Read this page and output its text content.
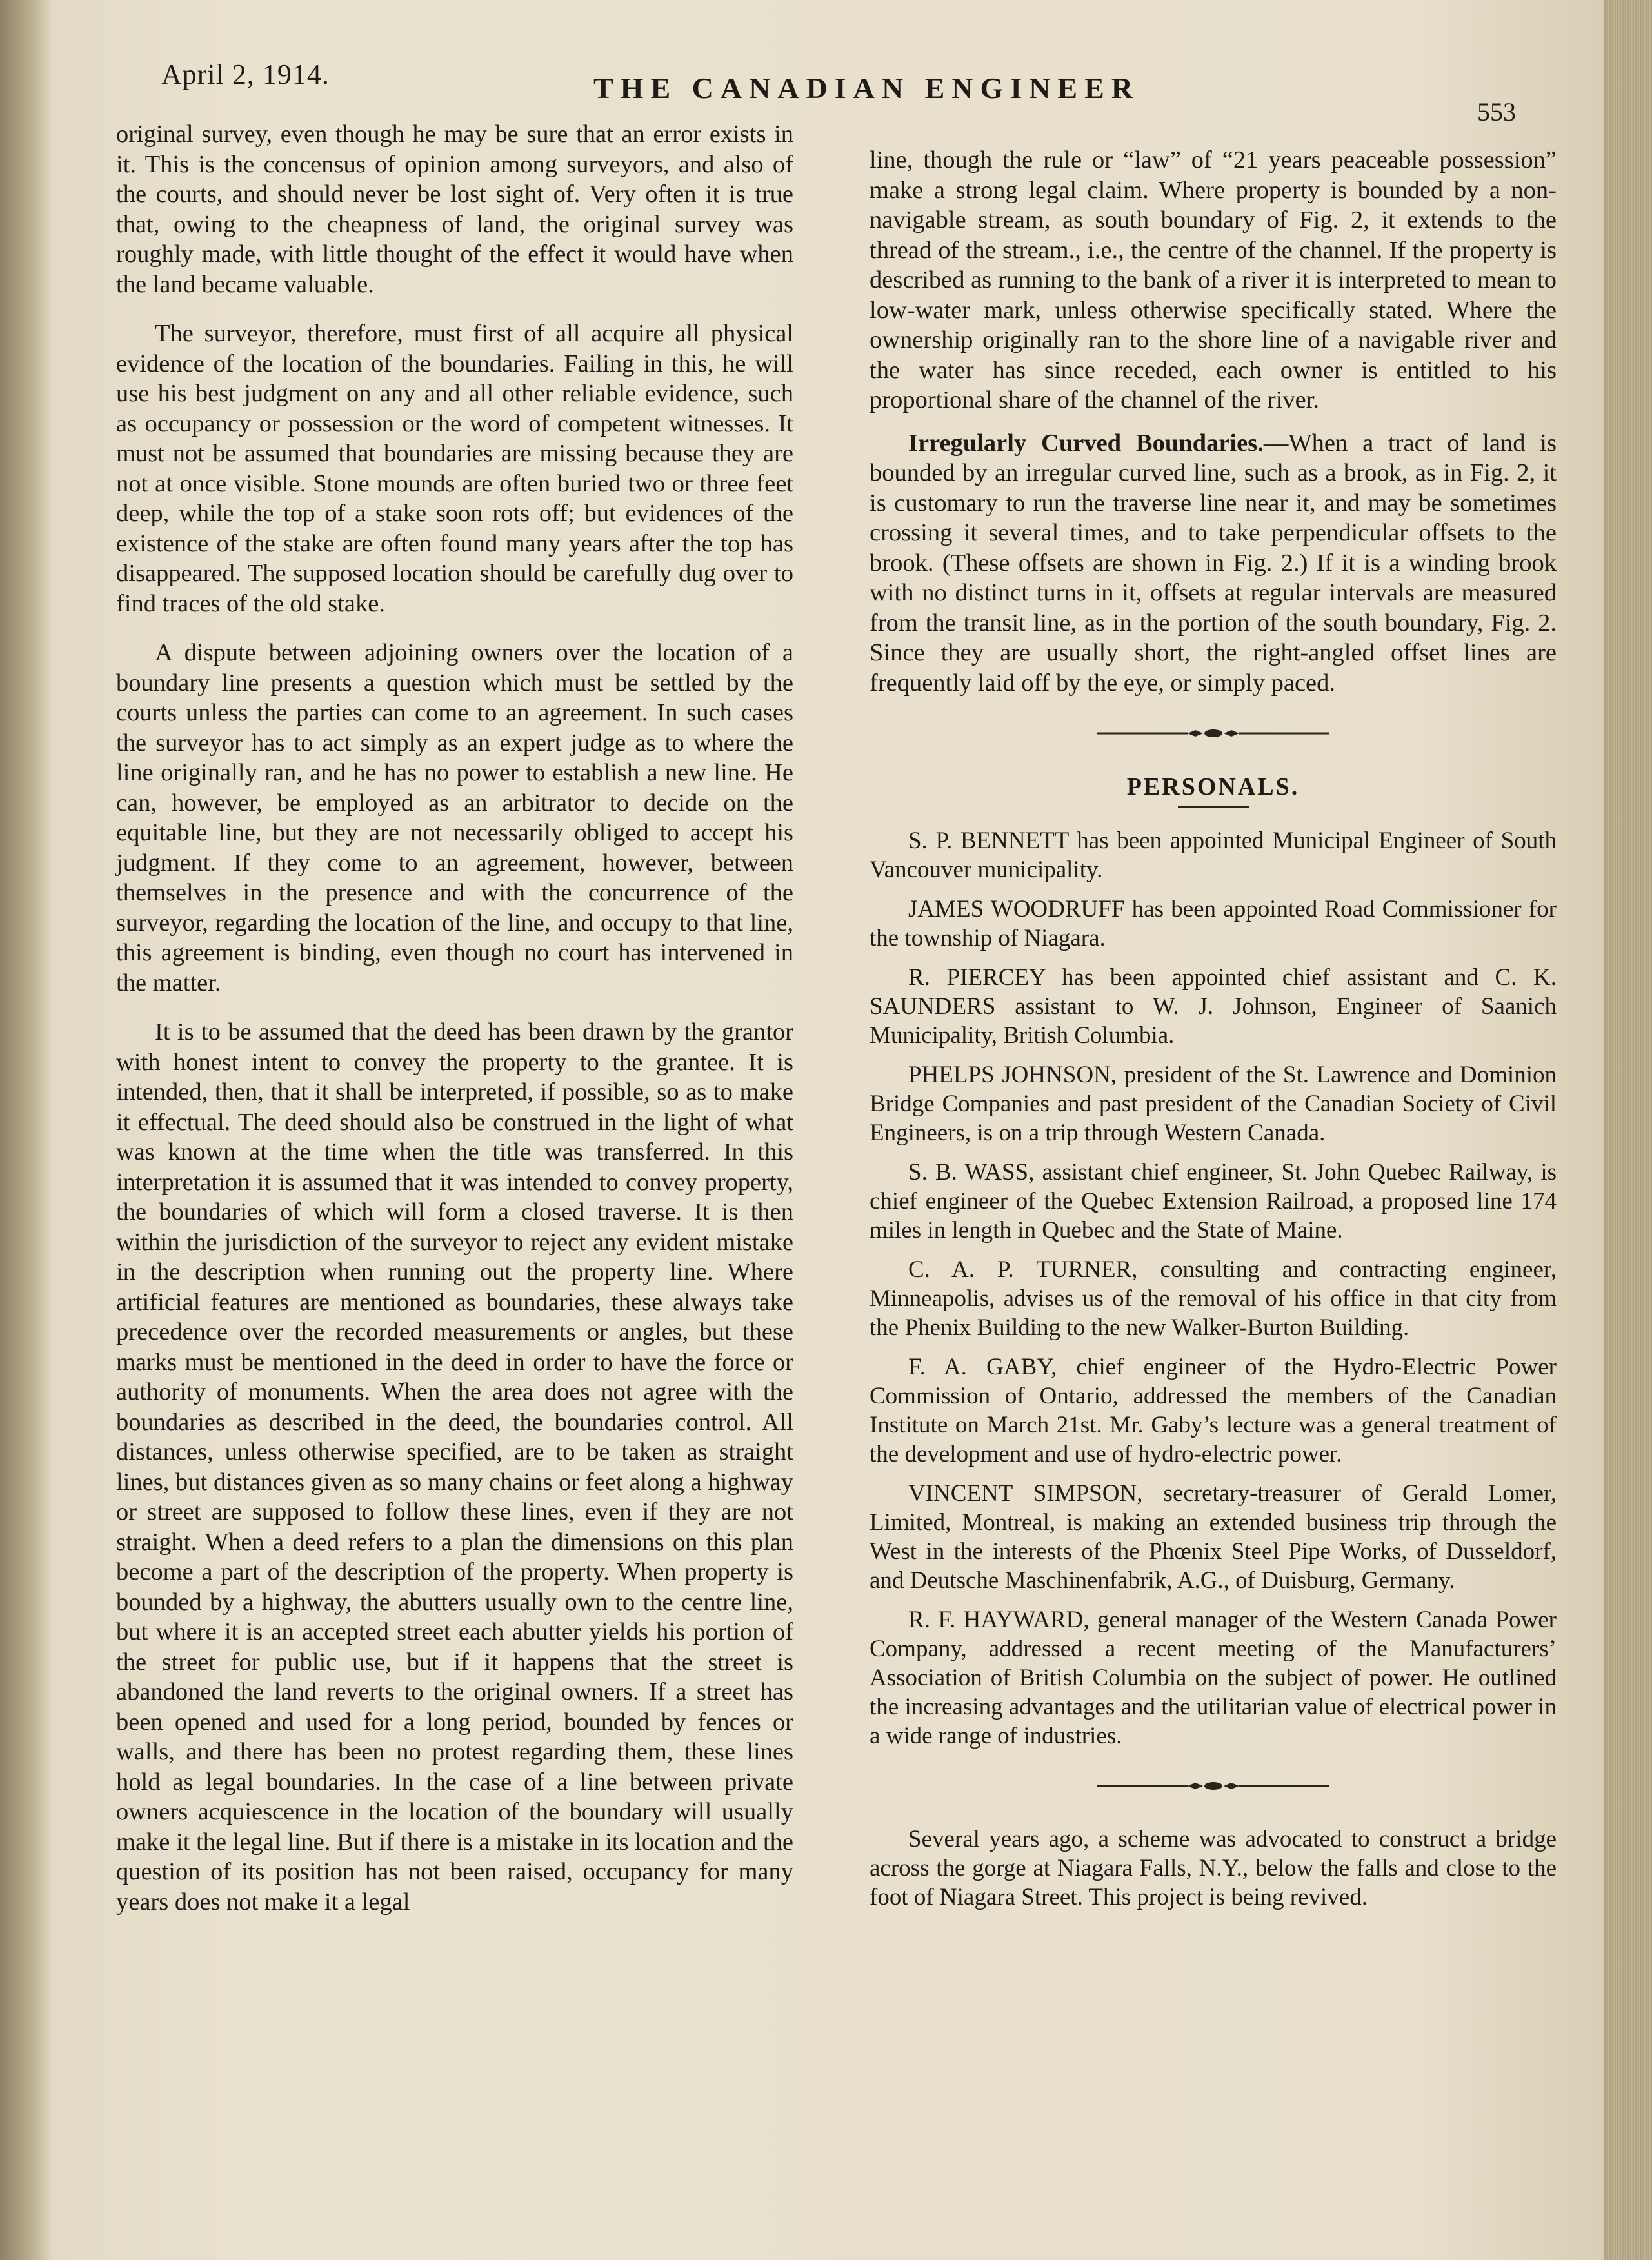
April 2, 1914.	THE CANADIAN ENGINEER
553

original survey, even though he may be sure that an error exists in it. This is the concensus of opinion among surveyors, and also of the courts, and should never be lost sight of. Very often it is true that, owing to the cheapness of land, the original survey was roughly made, with little thought of the effect it would have when the land became valuable.

The surveyor, therefore, must first of all acquire all physical evidence of the location of the boundaries. Failing in this, he will use his best judgment on any and all other reliable evidence, such as occupancy or possession or the word of competent witnesses. It must not be assumed that boundaries are missing because they are not at once visible. Stone mounds are often buried two or three feet deep, while the top of a stake soon rots off; but evidences of the existence of the stake are often found many years after the top has disappeared. The supposed location should be carefully dug over to find traces of the old stake.

A dispute between adjoining owners over the location of a boundary line presents a question which must be settled by the courts unless the parties can come to an agreement. In such cases the surveyor has to act simply as an expert judge as to where the line originally ran, and he has no power to establish a new line. He can, however, be employed as an arbitrator to decide on the equitable line, but they are not necessarily obliged to accept his judgment. If they come to an agreement, however, between themselves in the presence and with the concurrence of the surveyor, regarding the location of the line, and occupy to that line, this agreement is binding, even though no court has intervened in the matter.

It is to be assumed that the deed has been drawn by the grantor with honest intent to convey the property to the grantee. It is intended, then, that it shall be interpreted, if possible, so as to make it effectual. The deed should also be construed in the light of what was known at the time when the title was transferred. In this interpretation it is assumed that it was intended to convey property, the boundaries of which will form a closed traverse. It is then within the jurisdiction of the surveyor to reject any evident mistake in the description when running out the property line. Where artificial features are mentioned as boundaries, these always take precedence over the recorded measurements or angles, but these marks must be mentioned in the deed in order to have the force or authority of monuments. When the area does not agree with the boundaries as described in the deed, the boundaries control. All distances, unless otherwise specified, are to be taken as straight lines, but distances given as so many chains or feet along a highway or street are supposed to follow these lines, even if they are not straight. When a deed refers to a plan the dimensions on this plan become a part of the description of the property. When property is bounded by a highway, the abutters usually own to the centre line, but where it is an accepted street each abutter yields his portion of the street for public use, but if it happens that the street is abandoned the land reverts to the original owners. If a street has been opened and used for a long period, bounded by fences or walls, and there has been no protest regarding them, these lines hold as legal boundaries. In the case of a line between private owners acquiescence in the location of the boundary will usually make it the legal line. But if there is a mistake in its location and the question of its position has not been raised, occupancy for many years does not make it a legal

line, though the rule or “law” of “21 years peaceable possession” make a strong legal claim. Where property is bounded by a non-navigable stream, as south boundary of Fig. 2, it extends to the thread of the stream., i.e., the centre of the channel. If the property is described as running to the bank of a river it is interpreted to mean to low-water mark, unless otherwise specifically stated. Where the ownership originally ran to the shore line of a navigable river and the water has since receded, each owner is entitled to his proportional share of the channel of the river.

Irregularly Curved Boundaries.—When a tract of land is bounded by an irregular curved line, such as a brook, as in Fig. 2, it is customary to run the traverse line near it, and may be sometimes crossing it several times, and to take perpendicular offsets to the brook. (These offsets are shown in Fig. 2.) If it is a winding brook with no distinct turns in it, offsets at regular intervals are measured from the transit line, as in the portion of the south boundary, Fig. 2. Since they are usually short, the right-angled offset lines are frequently laid off by the eye, or simply paced.

PERSONALS.

S. P. BENNETT has been appointed Municipal Engineer of South Vancouver municipality.

JAMES WOODRUFF has been appointed Road Commissioner for the township of Niagara.

R. PIERCEY has been appointed chief assistant and C. K. SAUNDERS assistant to W. J. Johnson, Engineer of Saanich Municipality, British Columbia.

PHELPS JOHNSON, president of the St. Lawrence and Dominion Bridge Companies and past president of the Canadian Society of Civil Engineers, is on a trip through Western Canada.

S. B. WASS, assistant chief engineer, St. John Quebec Railway, is chief engineer of the Quebec Extension Railroad, a proposed line 174 miles in length in Quebec and the State of Maine.

C. A. P. TURNER, consulting and contracting engineer, Minneapolis, advises us of the removal of his office in that city from the Phenix Building to the new Walker-Burton Building.

F. A. GABY, chief engineer of the Hydro-Electric Power Commission of Ontario, addressed the members of the Canadian Institute on March 21st. Mr. Gaby’s lecture was a general treatment of the development and use of hydro-electric power.

VINCENT SIMPSON, secretary-treasurer of Gerald Lomer, Limited, Montreal, is making an extended business trip through the West in the interests of the Phœnix Steel Pipe Works, of Dusseldorf, and Deutsche Maschinenfabrik, A.G., of Duisburg, Germany.

R. F. HAYWARD, general manager of the Western Canada Power Company, addressed a recent meeting of the Manufacturers’ Association of British Columbia on the subject of power. He outlined the increasing advantages and the utilitarian value of electrical power in a wide range of industries.

Several years ago, a scheme was advocated to construct a bridge across the gorge at Niagara Falls, N.Y., below the falls and close to the foot of Niagara Street. This project is being revived.
